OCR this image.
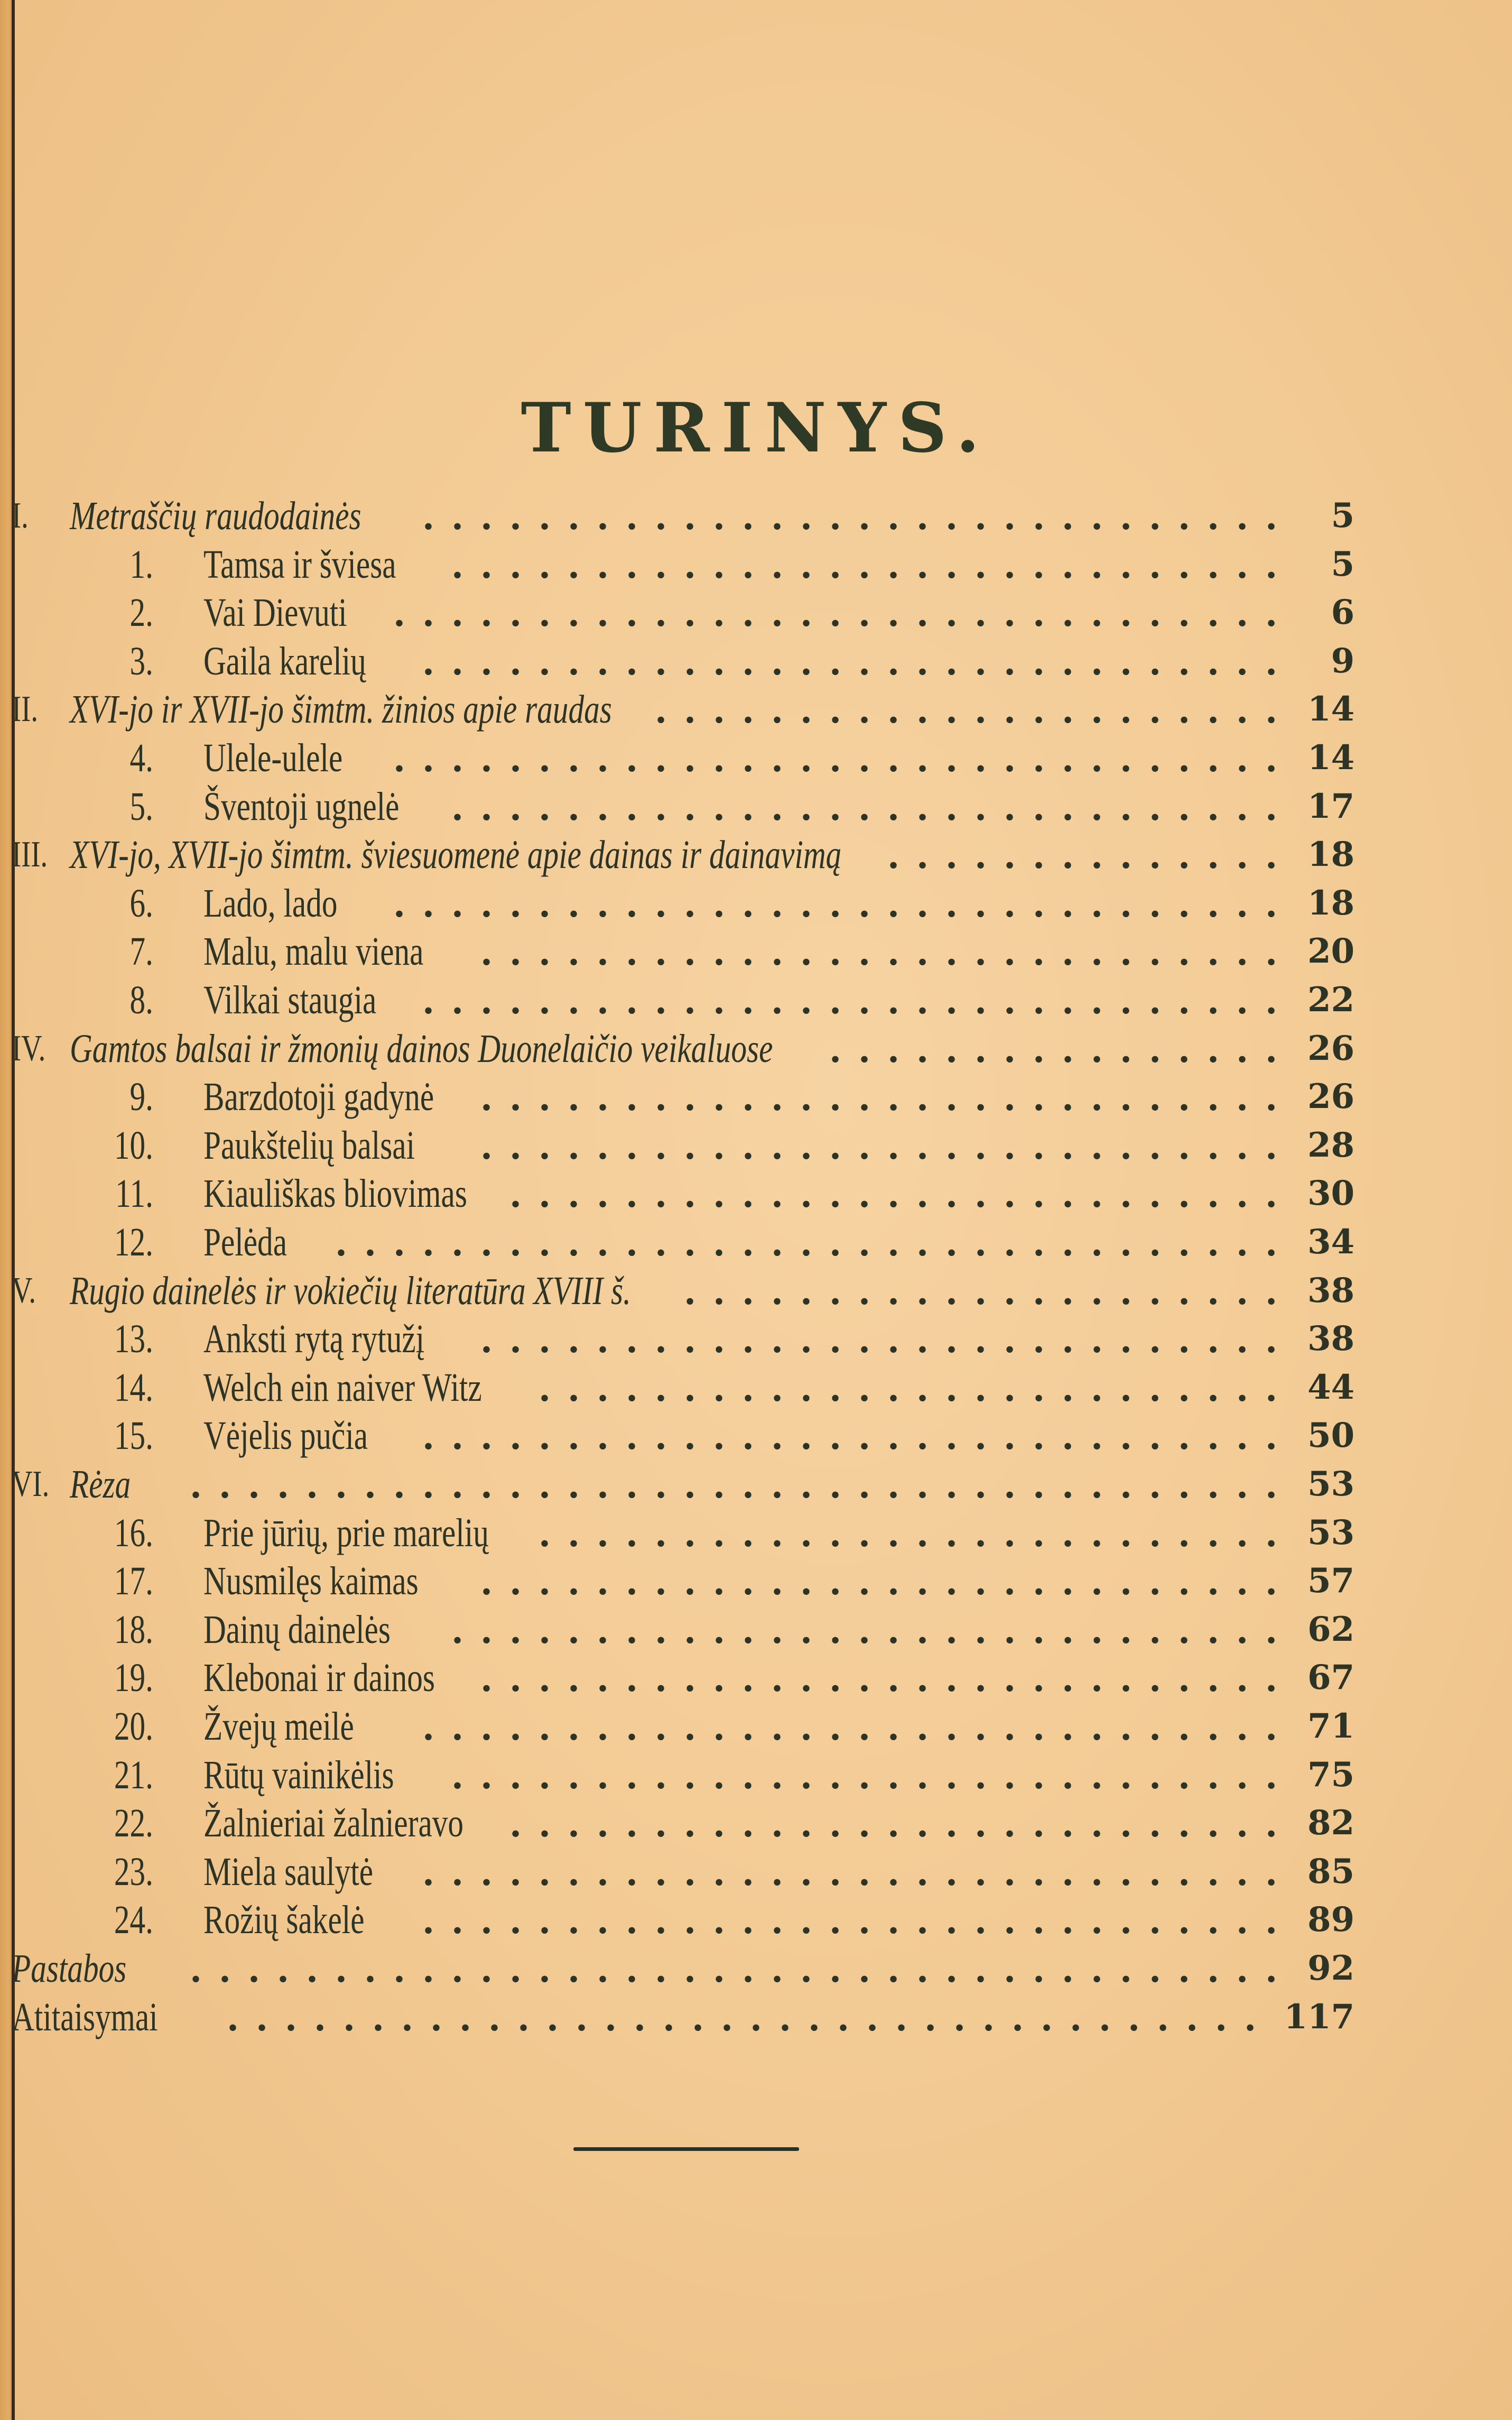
TURINYS.
I. Metraščių raudodainės	..............................	5
1. Tamsa ir šviesa	.............................	5
2. Vai Dievuti	...............................	6
3. Gaila karelių	..............................	9
II. XVI-jo ir XVII-jo šimtm. žinios apie raudas	...................... 14
4. Ulele-ulele	............................... 14
5. Šventoji ugnelė	............................. 17
III. XVI-jo, XVII-jo šimtm. šviesuomenė apie dainas ir dainavimą	.............. 18
6. Lado, lado	............................... 18
7. Malu, malu viena	............................ 20
8. Vilkai staugia	.............................. 22
IV. Gamtos balsai ir žmonių dainos Duonelaičio veikaluose	................ 26
9. Barzdotoji gadynė	............................ 26
10. Paukštelių balsai	............................ 28
11. Kiauliškas bliovimas	........................... 30
12. Pelėda	................................. 34
V. Rugio dainelės ir vokiečių literatūra XVIII š.	..................... 38
13. Anksti rytą rytužį	............................ 38
14. Welch ein naiver Witz	.......................... 44
15. Vėjelis pučia	.............................. 50
VI. Rėza	...................................... 53
16. Prie jūrių, prie marelių	.......................... 53
17. Nusmilęs kaimas	............................ 57
18. Dainų dainelės	............................. 62
19. Klebonai ir dainos	............................ 67
20. Žvejų meilė	.............................. 71
21. Rūtų vainikėlis	............................. 75
22. Žalnieriai žalnieravo	........................... 82
23. Miela saulytė	.............................. 85
24. Rožių šakelė	.............................. 89
Pastabos	...................................... 92
Atitaisymai	.................................... 117
